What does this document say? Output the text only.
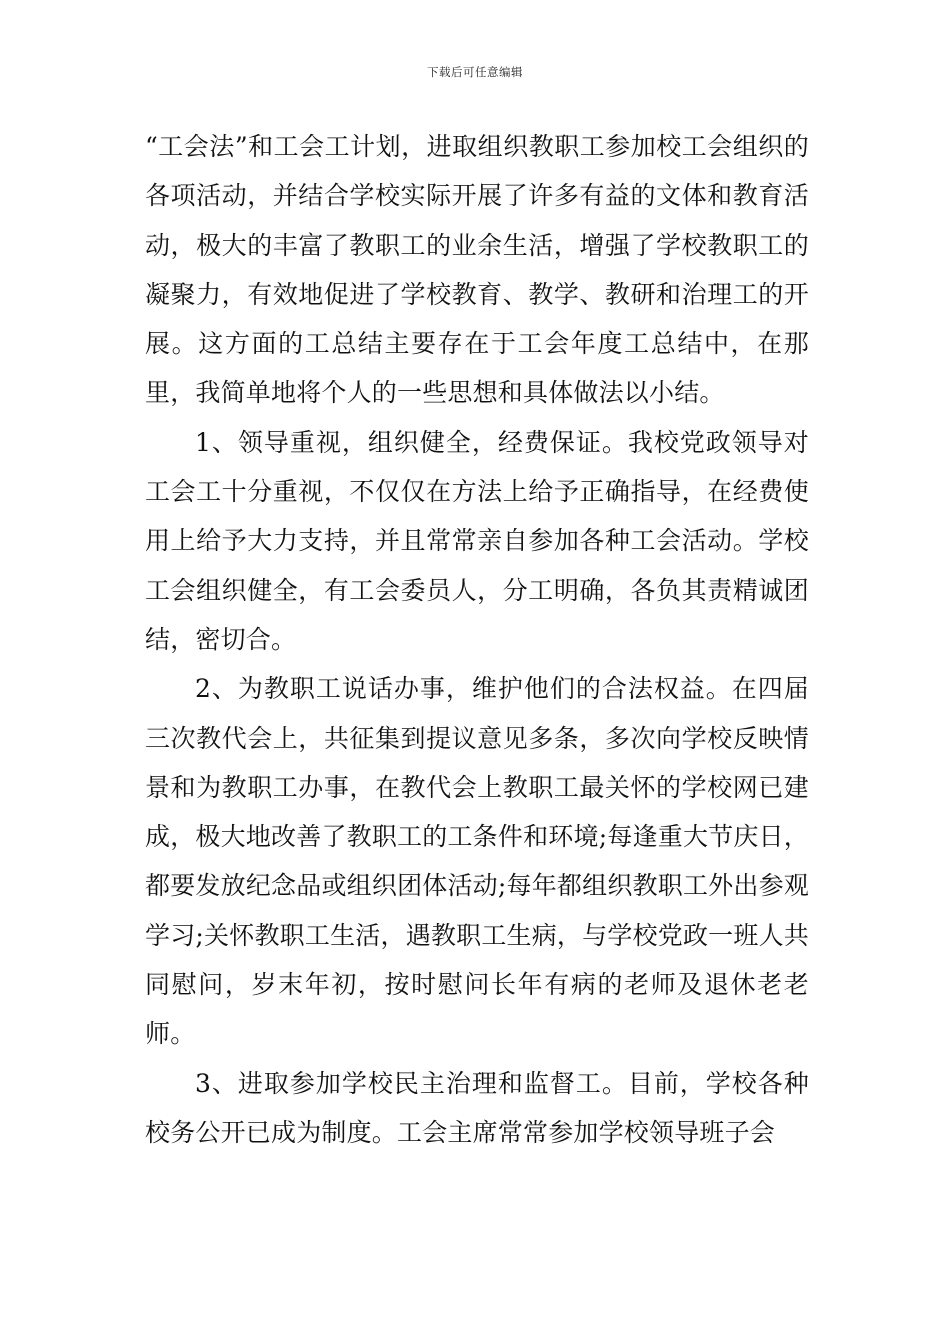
下载后可任意编辑

“工会法”和工会工计划，进取组织教职工参加校工会组织的各项活动，并结合学校实际开展了许多有益的文体和教育活动，极大的丰富了教职工的业余生活，增强了学校教职工的凝聚力，有效地促进了学校教育、教学、教研和治理工的开展。这方面的工总结主要存在于工会年度工总结中，在那里，我简单地将个人的一些思想和具体做法以小结。

1、领导重视，组织健全，经费保证。我校党政领导对工会工十分重视，不仅仅在方法上给予正确指导，在经费使用上给予大力支持，并且常常亲自参加各种工会活动。学校工会组织健全，有工会委员人，分工明确，各负其责精诚团结，密切合。

2、为教职工说话办事，维护他们的合法权益。在四届三次教代会上，共征集到提议意见多条，多次向学校反映情景和为教职工办事，在教代会上教职工最关怀的学校网已建成，极大地改善了教职工的工条件和环境;每逢重大节庆日，都要发放纪念品或组织团体活动;每年都组织教职工外出参观学习;关怀教职工生活，遇教职工生病，与学校党政一班人共同慰问，岁末年初，按时慰问长年有病的老师及退休老老师。

3、进取参加学校民主治理和监督工。目前，学校各种校务公开已成为制度。工会主席常常参加学校领导班子会
